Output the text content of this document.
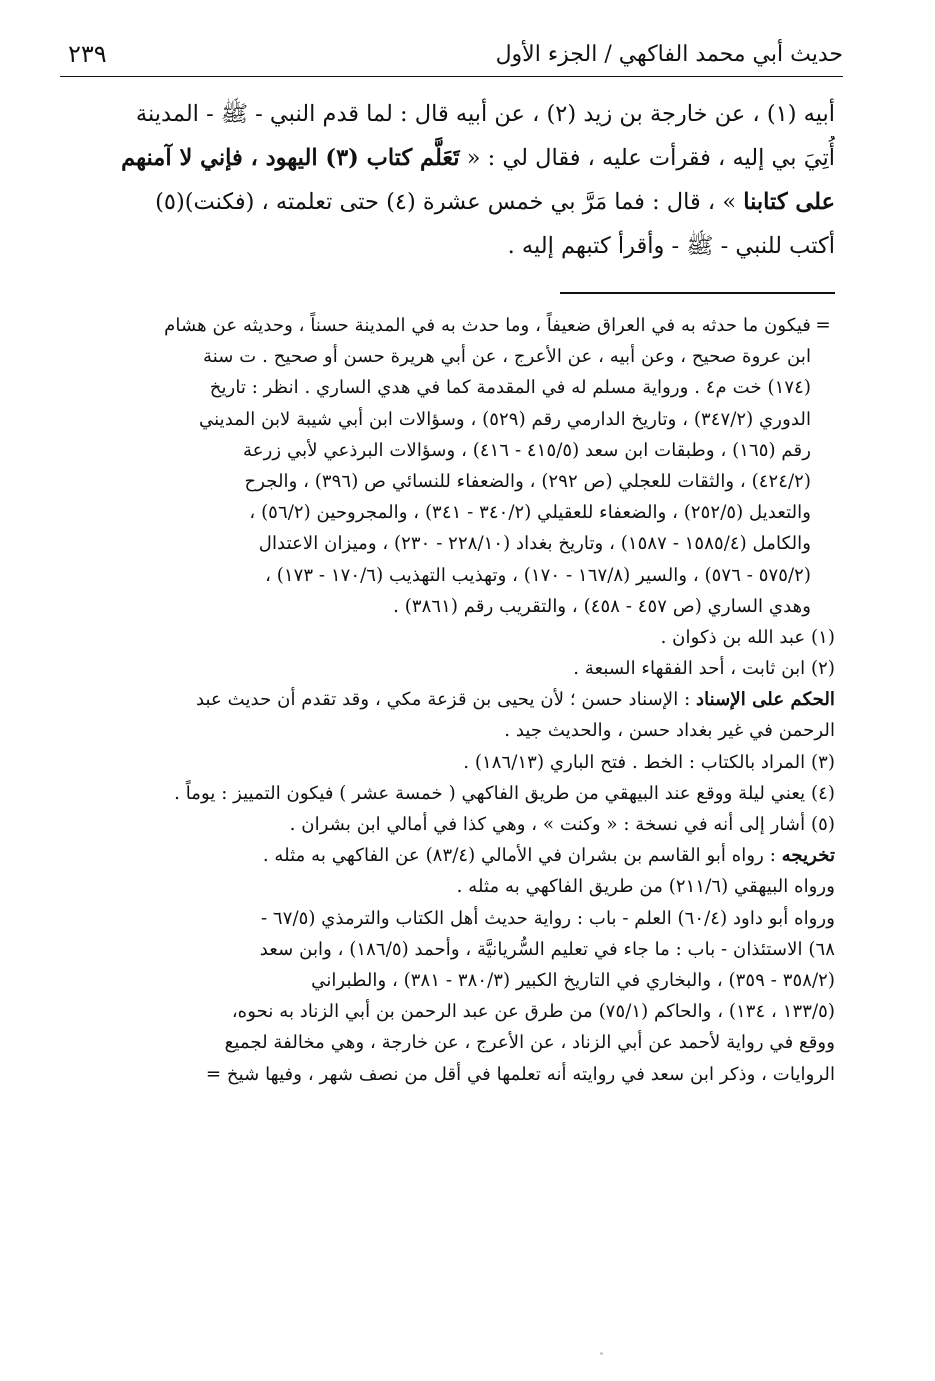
حديث أبي محمد الفاكهي / الجزء الأول
٢٣٩
أبيه (١) ، عن خارجة بن زيد (٢) ، عن أبيه قال : لما قدم النبي - ﷺ - المدينة
أُتِيَ بي إليه ، فقرأت عليه ، فقال لي : « تَعَلَّم كتاب (٣) اليهود ، فإني لا آمنهم
على كتابنا » ، قال : فما مَرَّ بي خمس عشرة (٤) حتى تعلمته ، (فكنت)(٥)
أكتب للنبي - ﷺ - وأقرأ كتبهم إليه .
=فيكون ما حدثه به في العراق ضعيفاً ، وما حدث به في المدينة حسناً ، وحديثه عن هشام
ابن عروة صحيح ، وعن أبيه ، عن الأعرج ، عن أبي هريرة حسن أو صحيح . ت سنة
(١٧٤) خت م٤ . ورواية مسلم له في المقدمة كما في هدي الساري . انظر : تاريخ
الدوري (٣٤٧/٢) ، وتاريخ الدارمي رقم (٥٢٩) ، وسؤالات ابن أبي شيبة لابن المديني
رقم (١٦٥) ، وطبقات ابن سعد (٤١٥/٥ - ٤١٦) ، وسؤالات البرذعي لأبي زرعة
(٤٢٤/٢) ، والثقات للعجلي (ص ٢٩٢) ، والضعفاء للنسائي ص (٣٩٦) ، والجرح
والتعديل (٢٥٢/٥) ، والضعفاء للعقيلي (٣٤٠/٢ - ٣٤١) ، والمجروحين (٥٦/٢) ،
والكامل (١٥٨٥/٤ - ١٥٨٧) ، وتاريخ بغداد (٢٢٨/١٠ - ٢٣٠) ، وميزان الاعتدال
(٥٧٥/٢ - ٥٧٦) ، والسير (١٦٧/٨ - ١٧٠) ، وتهذيب التهذيب (١٧٠/٦ - ١٧٣) ،
وهدي الساري (ص ٤٥٧ - ٤٥٨) ، والتقريب رقم (٣٨٦١) .
(١) عبد الله بن ذكوان .
(٢) ابن ثابت ، أحد الفقهاء السبعة .
الحكم على الإسناد : الإسناد حسن ؛ لأن يحيى بن قزعة مكي ، وقد تقدم أن حديث عبد
الرحمن في غير بغداد حسن ، والحديث جيد .
(٣) المراد بالكتاب : الخط . فتح الباري (١٨٦/١٣) .
(٤) يعني ليلة ووقع عند البيهقي من طريق الفاكهي ( خمسة عشر ) فيكون التمييز : يوماً .
(٥) أشار إلى أنه في نسخة : « وكنت » ، وهي كذا في أمالي ابن بشران .
تخريجه : رواه أبو القاسم بن بشران في الأمالي (٨٣/٤) عن الفاكهي به مثله .
ورواه البيهقي (٢١١/٦) من طريق الفاكهي به مثله .
ورواه أبو داود (٦٠/٤) العلم - باب : رواية حديث أهل الكتاب والترمذي (٦٧/٥ -
٦٨) الاستئذان - باب : ما جاء في تعليم السُّريانيَّة ، وأحمد (١٨٦/٥) ، وابن سعد
(٣٥٨/٢ - ٣٥٩) ، والبخاري في التاريخ الكبير (٣٨٠/٣ - ٣٨١) ، والطبراني
(١٣٣/٥ ، ١٣٤) ، والحاكم (٧٥/١) من طرق عن عبد الرحمن بن أبي الزناد به نحوه،
ووقع في رواية لأحمد عن أبي الزناد ، عن الأعرج ، عن خارجة ، وهي مخالفة لجميع
الروايات ، وذكر ابن سعد في روايته أنه تعلمها في أقل من نصف شهر ، وفيها شيخ =
